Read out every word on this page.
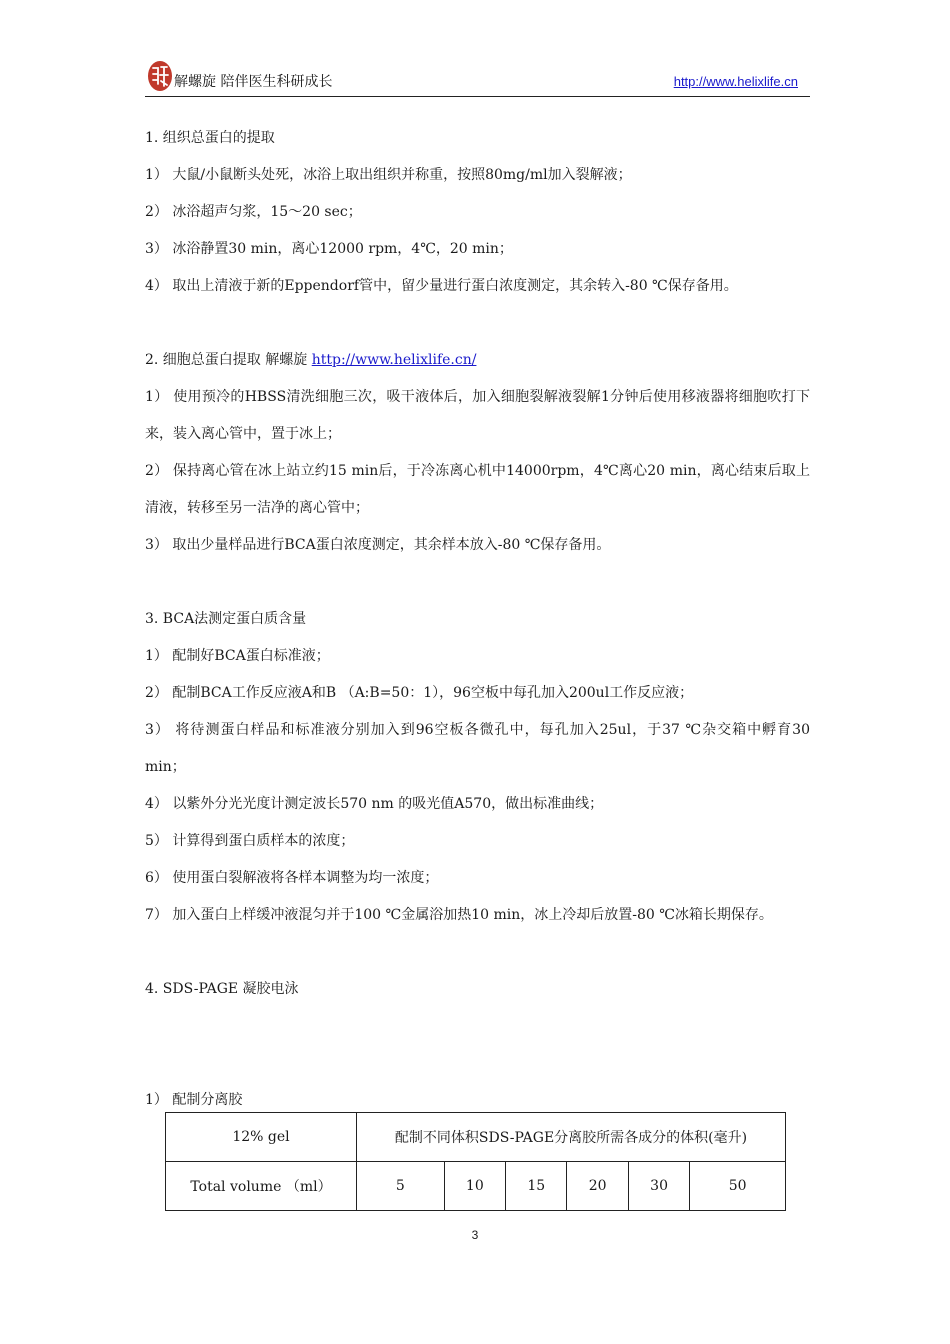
解螺旋 陪伴医生科研成长	http://www.helixlife.cn

1. 组织总蛋白的提取

1） 大鼠/小鼠断头处死，冰浴上取出组织并称重，按照80mg/ml加入裂解液；

2） 冰浴超声匀浆，15～20 sec；

3） 冰浴静置30 min，离心12000 rpm，4℃，20 min；

4） 取出上清液于新的Eppendorf管中，留少量进行蛋白浓度测定，其余转入-80 ℃保存备用。

2. 细胞总蛋白提取 解螺旋 http://www.helixlife.cn/

1） 使用预冷的HBSS清洗细胞三次，吸干液体后，加入细胞裂解液裂解1分钟后使用移液器将细胞吹打下来，装入离心管中，置于冰上；

2） 保持离心管在冰上站立约15 min后，于冷冻离心机中14000rpm，4℃离心20 min，离心结束后取上清液，转移至另一洁净的离心管中；

3） 取出少量样品进行BCA蛋白浓度测定，其余样本放入-80 ℃保存备用。

3. BCA法测定蛋白质含量

1） 配制好BCA蛋白标准液；

2） 配制BCA工作反应液A和B （A:B=50：1），96空板中每孔加入200ul工作反应液；

3） 将待测蛋白样品和标准液分别加入到96空板各微孔中，每孔加入25ul，于37 ℃杂交箱中孵育30 min；

4） 以紫外分光光度计测定波长570 nm 的吸光值A570，做出标准曲线；

5） 计算得到蛋白质样本的浓度；

6） 使用蛋白裂解液将各样本调整为均一浓度；

7） 加入蛋白上样缓冲液混匀并于100 ℃金属浴加热10 min，冰上冷却后放置-80 ℃冰箱长期保存。

4. SDS-PAGE 凝胶电泳

1） 配制分离胶
12% gel	配制不同体积SDS-PAGE分离胶所需各成分的体积(毫升)					
Total volume （ml）	5	10	15	20	30	50
3
